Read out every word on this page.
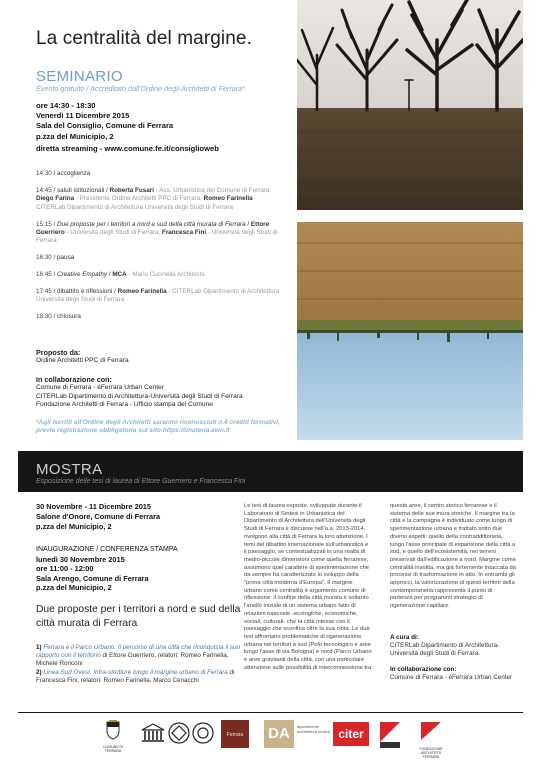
La centralità del margine.
SEMINARIO
Evento gratuito / Accreditato dall'Ordine degli Architetti di Ferrara*
ore 14:30 - 18:30
Venerdì 11 Dicembre 2015
Sala del Consiglio, Comune di Ferrara
p.zza del Municipio, 2
diretta streaming - www.comune.fe.it/consiglioweb
14:30 / accoglienza
14:45 / saluti istituzionali / Roberta Fusari - Ass. Urbanistica del Comune di Ferrara, Diego Farina - Presidente Ordine Architetti PPC di Ferrara, Romeo Farinella - CITERLab Dipartimento di Architettura Università degli Studi di Ferrara
15:15 / Due proposte per i territori a nord e sud della città murata di Ferrara / Ettore Guerriero - Università degli Studi di Ferrara, Francesca Fini - Università degli Studi di Ferrara
16:30 / pausa
16:45 / Creative Empathy / MCA - Mario Cucinella Architects
17:45 / dibattito e riflessioni / Romeo Farinella - CITERLab Dipartimento di Architettura Università degli Studi di Ferrara
18:30 / chiusura
Proposto da:
Ordine Architetti PPC di Ferrara
In collaborazione con:
Comune di Ferrara - éFerrara Urban Center
CITERLab Dipartimento di Architettura-Università degli Studi di Ferrara
Fondazione Architetti di Ferrara - Ufficio stampa del Comune
*Agli iscritti all'Ordine degli Architetti saranno riconosciuti n.4 crediti formativi, previa registrazione obbligatoria sul sito https://imateria.awn.it
MOSTRA
Esposizione delle tesi di laurea di Ettore Guerriero e Francesca Fini
30 Novembre - 11 Dicembre 2015
Salone d'Onore, Comune di Ferrara
p.zza del Municipio, 2
INAUGURAZIONE / CONFERENZA STAMPA
lunedì 30 Novembre 2015
ore 11:00 - 12:00
Sala Arengo, Comune di Ferrara
p.zza del Municipio, 2
Due proposte per i territori a nord e sud della città murata di Ferrara
1) Ferrara e il Parco Urbano. Il percorso di una città che riconquista il suo rapporto con il territorio di Ettore Guerriero, relatori: Romeo Farinella, Michele Ronconi
2) Linea Sud Ovest. Infra-strutture lungo il margine urbano di Ferrara di Francesca Fini, relatori: Romeo Farinella, Marco Cenacchi
Le tesi di laurea esposte, sviluppate durante il Laboratorio di Sintesi in Urbanistica del Dipartimento di Architettura dell'Università degli Studi di Ferrara e discusse nell'a.a. 2013-2014, rivolgono alla città di Ferrara la loro attenzione. I temi del dibattito internazionale sull'urbanistica e il paesaggio, se contestualizzati in una realtà di medio-piccole dimensioni come quella ferrarese, assumono quel carattere di sperimentazione che da sempre ha caratterizzato lo sviluppo della "prima città moderna d'Europa". Il margine urbano come centralità è argomento comune di riflessione: il confine della città murata è soltanto l'anello iniziale di un sistema urbano fatto di relazioni nascoste -ecologiche, economiche, sociali, culturali- che la città intesse con il paesaggio che sconfina oltre la sua cinta. Le due tesi affrontano problematiche di rigenerazione urbana nei territori a sud (Polo tecnologico e aree lungo l'asse di via Bologna) e nord (Parco Urbano e aree gravitanti della città, con una particolare attenzione sulle possibilità di interconnessione tra
queste aree, il centro storico ferrarese e il sistema delle sue mura storiche. Il margine tra la città e la campagna è individuato come luogo di sperimentazione urbana e trattato sotto due diversi aspetti: quello della contraddittorietà, lungo l'asse principale di espansione della città a sud, e quello dell'ecosistemità, nei terreni preservati dall'edificazione a nord. Margine come centralità insolita, ma già fortemente intaccata da processi di trasformazione in atto. In entrambi gli approcci, la valorizzazione di questi territori della contemporaneità rappresenta il punto di partenza per programmi strategici di rigenerazione capillare.
A cura di:
CITERLab Dipartimento di Architettura-Università degli Studi di Ferrara.
In collaborazione con:
Comune di Ferrara - éFerrara Urban Center
COMUNE DI FERRARA
Ferrara	DA	dipartimento architettura ferrara citer
FONDAZIONE ARCHITETTI FERRARA
